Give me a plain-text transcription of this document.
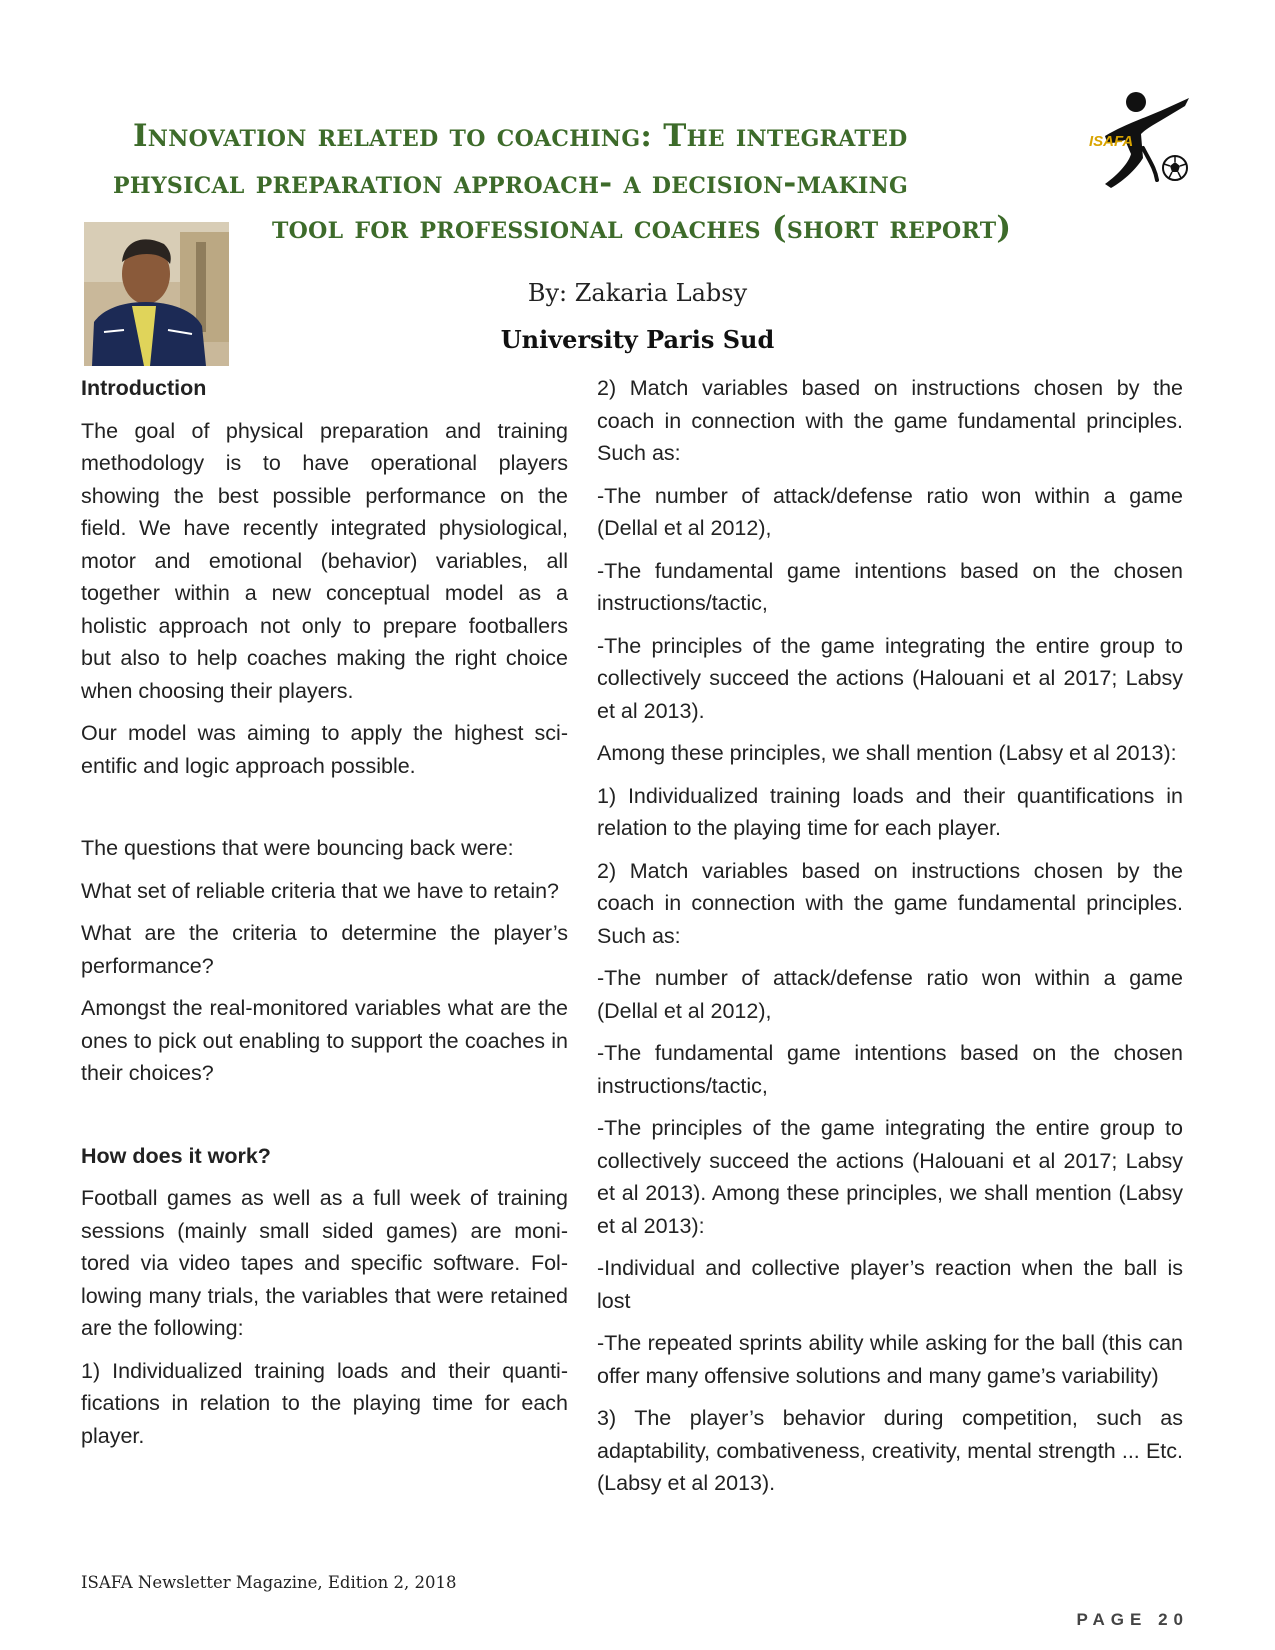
Innovation related to coaching: The integrated
physical preparation approach- a decision-making
tool for professional coaches (short report)
ISAFA

By: Zakaria Labsy

University Paris Sud

Introduction

The goal of physical preparation and training methodology is to have operational players showing the best possible performance on the field. We have recently integrated physiological, motor and emotional (behavior) variables, all together within a new conceptual model as a holistic approach not only to prepare footballers but also to help coaches making the right choice when choosing their players.

Our model was aiming to apply the highest scientific and logic approach possible.

The questions that were bouncing back were:

What set of reliable criteria that we have to retain?

What are the criteria to determine the player’s performance?

Amongst the real-monitored variables what are the ones to pick out enabling to support the coaches in their choices?

How does it work?

Football games as well as a full week of training sessions (mainly small sided games) are monitored via video tapes and specific software. Following many trials, the variables that were retained are the following:

1) Individualized training loads and their quantifications in relation to the playing time for each player.

2) Match variables based on instructions chosen by the coach in connection with the game fundamental principles. Such as:

-The number of attack/defense ratio won within a game (Dellal et al 2012),

-The fundamental game intentions based on the chosen instructions/tactic,

-The principles of the game integrating the entire group to collectively succeed the actions (Halouani et al 2017; Labsy et al 2013).

Among these principles, we shall mention (Labsy et al 2013):

1) Individualized training loads and their quantifications in relation to the playing time for each player.

2) Match variables based on instructions chosen by the coach in connection with the game fundamental principles. Such as:

-The number of attack/defense ratio won within a game (Dellal et al 2012),

-The fundamental game intentions based on the chosen instructions/tactic,

-The principles of the game integrating the entire group to collectively succeed the actions (Halouani et al 2017; Labsy et al 2013). Among these principles, we shall mention (Labsy et al 2013):

-Individual and collective player’s reaction when the ball is lost

-The repeated sprints ability while asking for the ball (this can offer many offensive solutions and many game’s variability)

3) The player’s behavior during competition, such as adaptability, combativeness, creativity, mental strength ... Etc. (Labsy et al 2013).

ISAFA Newsletter Magazine, Edition 2, 2018

PAGE 20
